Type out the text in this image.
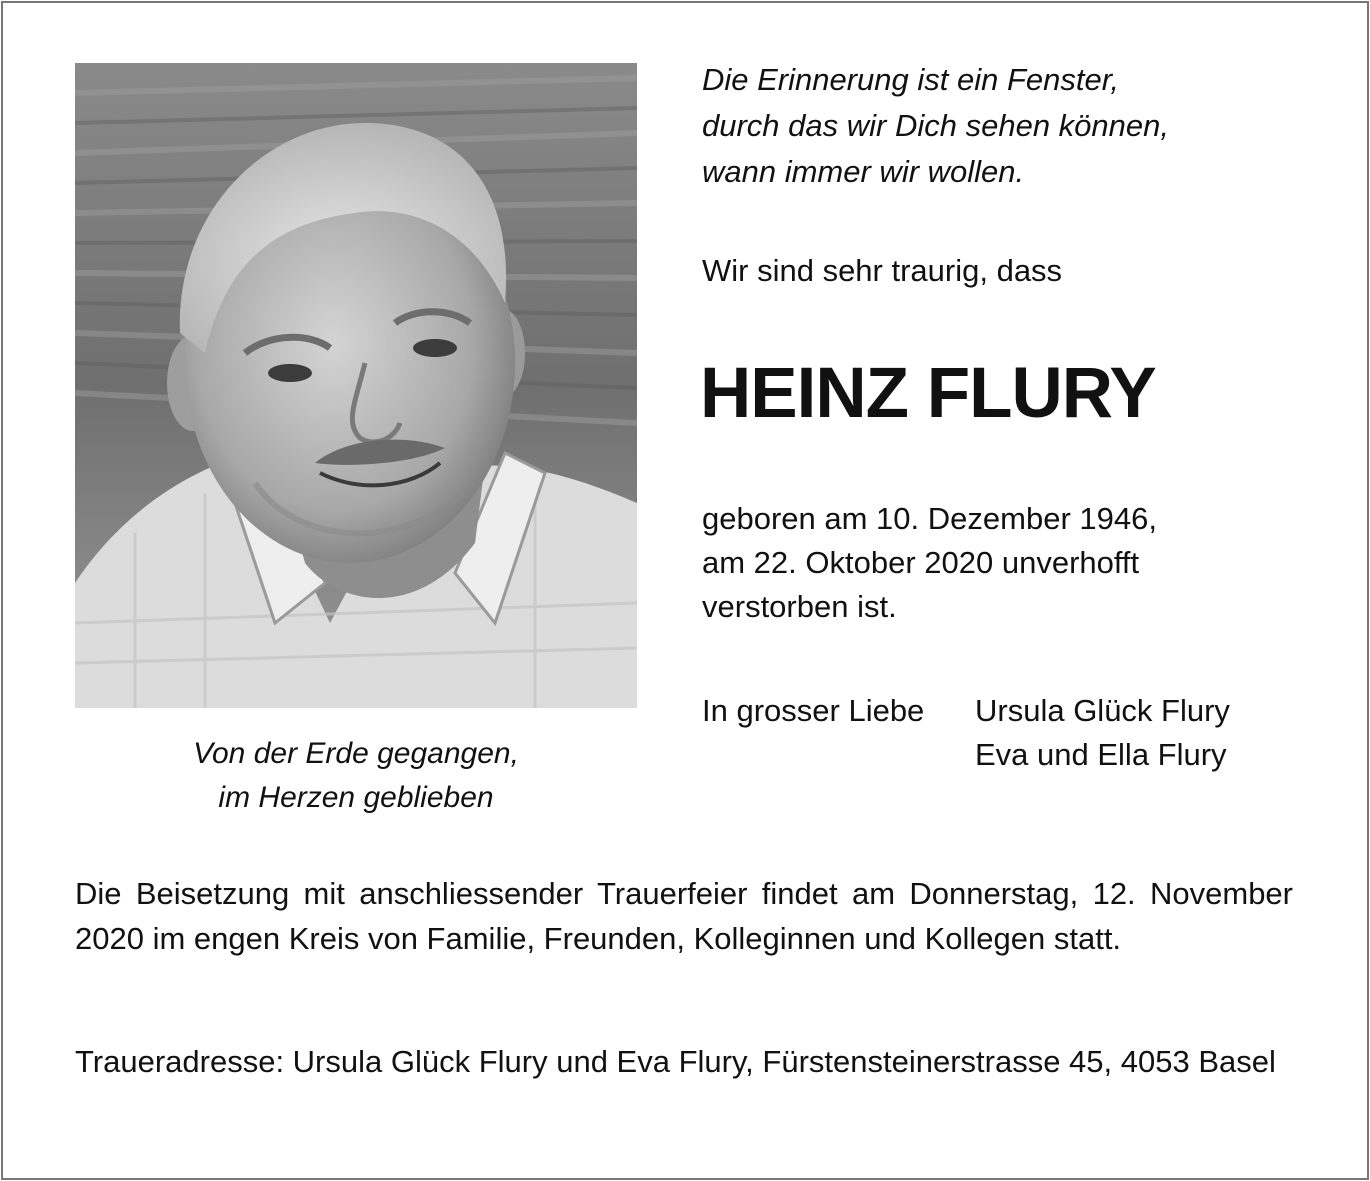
Von der Erde gegangen,
im Herzen geblieben
Die Erinnerung ist ein Fenster,
durch das wir Dich sehen können,
wann immer wir wollen.
Wir sind sehr traurig, dass
HEINZ FLURY
geboren am 10. Dezember 1946,
am 22. Oktober 2020 unverhofft
verstorben ist.
In grosser Liebe Ursula Glück Flury
Eva und Ella Flury
Die Beisetzung mit anschliessender Trauerfeier findet am Donnerstag, 12. November 2020 im engen Kreis von Familie, Freunden, Kolleginnen und Kollegen statt.
Traueradresse: Ursula Glück Flury und Eva Flury, Fürstensteinerstrasse 45, 4053 Basel
